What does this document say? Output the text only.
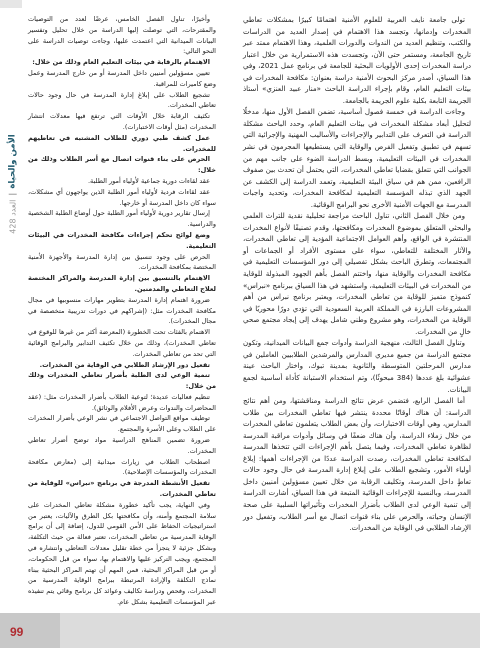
تولى جامعة نايف العربية للعلوم الأمنية اهتمامًا كبيرًا بمشكلات تعاطي المخدرات وإدمانها، وتجسد هذا الاهتمام في إصدار العديد من الدراسات والكتب، وتنظيم العديد من الندوات والدورات العلمية، وهذا الاهتمام ممتد عبر تاريخ الجامعة، ومستمر حتى الآن، وتجسدت هذه الاستمرارية من خلال اعتبار دراسة المخدرات إحدى الأولويات البحثية للجامعة في برنامج عمل 2021، وفي هذا السياق، أصدر مركز البحوث الأمنية دراسة بعنوان: مكافحة المخدرات في بيئات التعليم العام، وقام بإجراء الدراسة الباحث «منار عبيد العنزي» أستاذ الجريمة التابعة بكلية علوم الجريمة بالجامعة.

وجاءت الدراسة في خمسة فصول أساسية، تضمن الفصل الأول منها، مدخلًا لتحليل أبعاد مشكلة المخدرات في بيئات التعليم العام، وحدد الباحث مشكلة الدراسة في التعرف على التدابير والإجراءات والأساليب المهنية والإجرائية التي تسهم في تطبيق وتفعيل الفرص والوقاية التي يستطيعها المجرمون في نشر المخدرات في البيئات التعليمية، وبسط الدراسة الضوء على جانب مهم من الجوانب التي تتعلق بقضايا تعاطي المخدرات، التي يحتمل أن تحدث بين صفوف الرافعين، ممن هم في سياق البيئة التعليمية، وتعمد الدراسة إلى الكشف عن الجهد الذي تبذله المؤسسة التعليمية لمكافحة المخدرات، وتحديد واجبات المدرسة مع الجهات الأمنية الأخرى نحو البرامج الوقائية.

ومن خلال الفصل الثاني، تناول الباحث مراجعة تحليلية نقدية للتراث العلمي والبحثي المتعلق بموضوع المخدرات ومكافحتها، وقدم تصنيفًا لأنواع المخدرات المنتشرة في الواقع، وأهم العوامل الاجتماعية المؤدية إلى تعاطي المخدرات، والآثار المختلفة للتعاطي، سواء على مستوى الأفراد أو الجماعات أو المجتمعات، وتطرق الباحث بشكل تفصيلي إلى دور المؤسسات التعليمية في مكافحة المخدرات والوقاية منها، واختتم الفصل بأهم الجهود المبذولة للوقاية من المخدرات في البيئات التعليمية، واستشهد في هذا السياق ببرنامج «نبراس» كنموذج متميز للوقاية من تعاطي المخدرات، ويعتبر برنامج نبراس من أهم المشروعات البارزة في المملكة العربية السعودية التي تؤدي دورًا محوريًا في الوقاية من المخدرات، وهو مشروع وطني شامل يهدف إلى إيجاد مجتمع صحي خالٍ من المخدرات.

وتناول الفصل الثالث، منهجية الدراسة وأدوات جمع البيانات الميدانية، وتكون مجتمع الدراسة من جميع مديري المدارس والمرشدين الطلابيين العاملين في مدارس المرحلتين المتوسطة والثانوية بمدينة تبوك، واختار الباحث عينة عشوائية بلغ عددها (384 مبحوثًا)، وتم استخدام الاستبانة كأداة أساسية لجمع البيانات.

أما الفصل الرابع، فتضمن عرض نتائج الدراسة ومناقشتها، ومن أهم نتائج الدراسة: أن هناك أوقاتًا محددة ينتشر فيها تعاطي المخدرات بين طلاب المدارس، وهي أوقات الاختبارات، وأن بعض الطلاب يتعلمون تعاطي المخدرات من خلال زملاء الدراسة، وأن هناك ضعفًا في وسائل وأدوات مراقبة المدرسة لظاهرة تعاطي المخدرات، وفيما يتصل بأهم الإجراءات التي تتخذها المدرسة لمكافحة تعاطي المخدرات، رصدت الدراسة عددًا من الإجراءات أهمها: إبلاغ أولياء الأمور، وتشجيع الطلاب على إبلاغ إدارة المدرسة في حال وجود حالات تعاطٍ داخل المدرسة، وتكليف الرقابة من خلال تعيين مسؤولين أمنيين داخل المدرسة، وبالنسبة للإجراءات الوقائية المتبعة في هذا السياق، أشارت الدراسة إلى تنمية الوعي لدى الطلاب بأضرار المخدرات وتأثيراتها السلبية على صحة الإنسان وحياته، والحرص على بناء قنوات اتصال مع أسر الطلاب، وتفعيل دور الإرشاد الطلابي في الوقاية من المخدرات.

وأخيرًا، تناول الفصل الخامس، عرضًا لعدد من التوصيات والمقترحات، التي توصلت إليها الدراسة من خلال تحليل وتفسير البيانات الميدانية التي اعتمدت عليها، وجاءت توصيات الدراسة على النحو التالي:

الاهتمام بالرقابة في بيئات التعليم العام وذلك من خلال:

تعيين مسؤولين أمنيين داخل المدرسة أو من خارج المدرسة وعمل وضع كاميرات للمراقبة.

تشجيع الطلاب على إبلاغ إدارة المدرسة في حال وجود حالات تعاطي المخدرات.

تكثيف الرقابة خلال الأوقات التي ترتفع فيها معدلات انتشار المخدرات (مثل أوقات الاختبارات).

عمل كشف طبي دوري للطلاب المشتبه في تعاطيهم للمخدرات.

الحرص على بناء قنوات اتصال مع أسر الطلاب وذلك من خلال:

عقد لقاءات دورية جماعية لأولياء أمور الطلبة.

عقد لقاءات فردية لأولياء أمور الطلبة الذين يواجهون أي مشكلات، سواء كان داخل المدرسة أو خارجها.

إرسال تقارير دورية لأولياء أمور الطلبة حول أوضاع الطلبة الشخصية والدراسية.

وضع لوائح تحكم إجراءات مكافحة المخدرات في البيئات التعليمية.

الحرص على وجود تنسيق بين إدارة المدرسة والأجهزة الأمنية المختصة بمكافحة المخدرات.

الاهتمام بالتنسيق بين إدارة المدرسة والمراكز المختصة لعلاج التعاطي والمدمنين.

ضرورة اهتمام إدارة المدرسة بتطوير مهارات منسوبيها في مجال مكافحة المخدرات مثل: (إشراكهم في دورات تدريبية متخصصة في مجال المخدرات).

الاهتمام بالفئات تحت الخطورة (المعرضة أكثر من غيرها للوقوع في تعاطي المخدرات)، وذلك من خلال تكثيف التدابير والبرامج الوقائية التي تحد من تعاطي المخدرات.

تفعيل دور الإرشاد الطلابي في الوقاية من المخدرات.

تنمية الوعي لدى الطلبة بأضرار تعاطي المخدرات وذلك من خلال:

تنظيم فعاليات عديدة؛ لتوعية الطلاب بأضرار المخدرات مثل: (عقد المحاضرات والندوات وعرض الأفلام والوثائق).

توظيف مواقع التواصل الاجتماعي في نشر الوعي بأضرار المخدرات على الطلاب وعلى الأسرة والمجتمع.

ضرورة تضمين المناهج الدراسية مواد توضح أضرار تعاطي المخدرات.

اصطحاب الطلاب في زيارات ميدانية إلى (معارض مكافحة المخدرات والمؤسسات الإصلاحية).

تفعيل الأنشطة المدرجة في برنامج «نبراس» للوقاية من تعاطي المخدرات.

وفي النهاية، يجب تأكيد خطورة مشكلة تعاطي المخدرات على سلامة المجتمع وأمنه، وأن مكافحتها بكل الطرق والآليات، يعتبر من استراتيجيات الحفاظ على الأمن القومي للدول، إضافة إلى أن برامج الوقاية المدرسية من تعاطي المخدرات، تعتبر فعالة من حيث التكلفة، وبشكل جزئية لا يتجزأ من خطة تقليل معدلات التعاطي وانتشاره في المجتمع، ويجب التركيز عليها والاهتمام بها، سواء من قبل الحكومات، أو من قبل المراكز البحثية، فمن المهم أن تهتم المراكز البحثية ببناء نماذج التكلفة والإرادة المرتبطة ببرامج الوقاية المدرسية من المخدرات، وفحص ودراسة تكاليف وعوائد كل برنامج وقائي يتم تنفيذه عبر المؤسسات التعليمية بشكل عام.

الأمن والحياة
العدد 428
99
